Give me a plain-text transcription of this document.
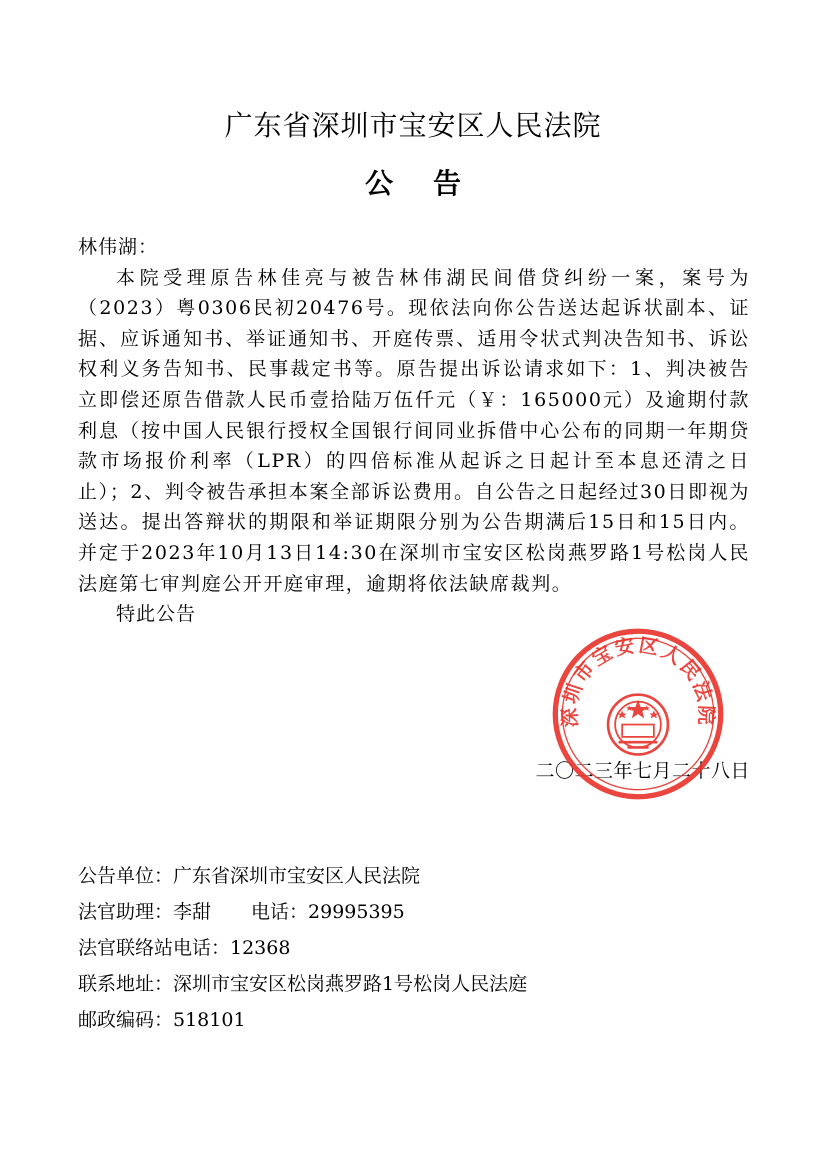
广东省深圳市宝安区人民法院
公告

林伟湖：

本院受理原告林佳亮与被告林伟湖民间借贷纠纷一案，案号为（2023）粤0306民初20476号。现依法向你公告送达起诉状副本、证据、应诉通知书、举证通知书、开庭传票、适用令状式判决告知书、诉讼权利义务告知书、民事裁定书等。原告提出诉讼请求如下：1、判决被告立即偿还原告借款人民币壹拾陆万伍仟元（￥：165000元）及逾期付款利息（按中国人民银行授权全国银行间同业拆借中心公布的同期一年期贷款市场报价利率（LPR）的四倍标准从起诉之日起计至本息还清之日止）；2、判令被告承担本案全部诉讼费用。自公告之日起经过30日即视为送达。提出答辩状的期限和举证期限分别为公告期满后15日和15日内。并定于2023年10月13日14:30在深圳市宝安区松岗燕罗路1号松岗人民法庭第七审判庭公开开庭审理，逾期将依法缺席裁判。

特此公告

二〇二三年七月二十八日
深圳市宝安区人民法院
公告单位：广东省深圳市宝安区人民法院
法官助理：李甜 电话：29995395
法官联络站电话：12368
联系地址：深圳市宝安区松岗燕罗路1号松岗人民法庭
邮政编码：518101
